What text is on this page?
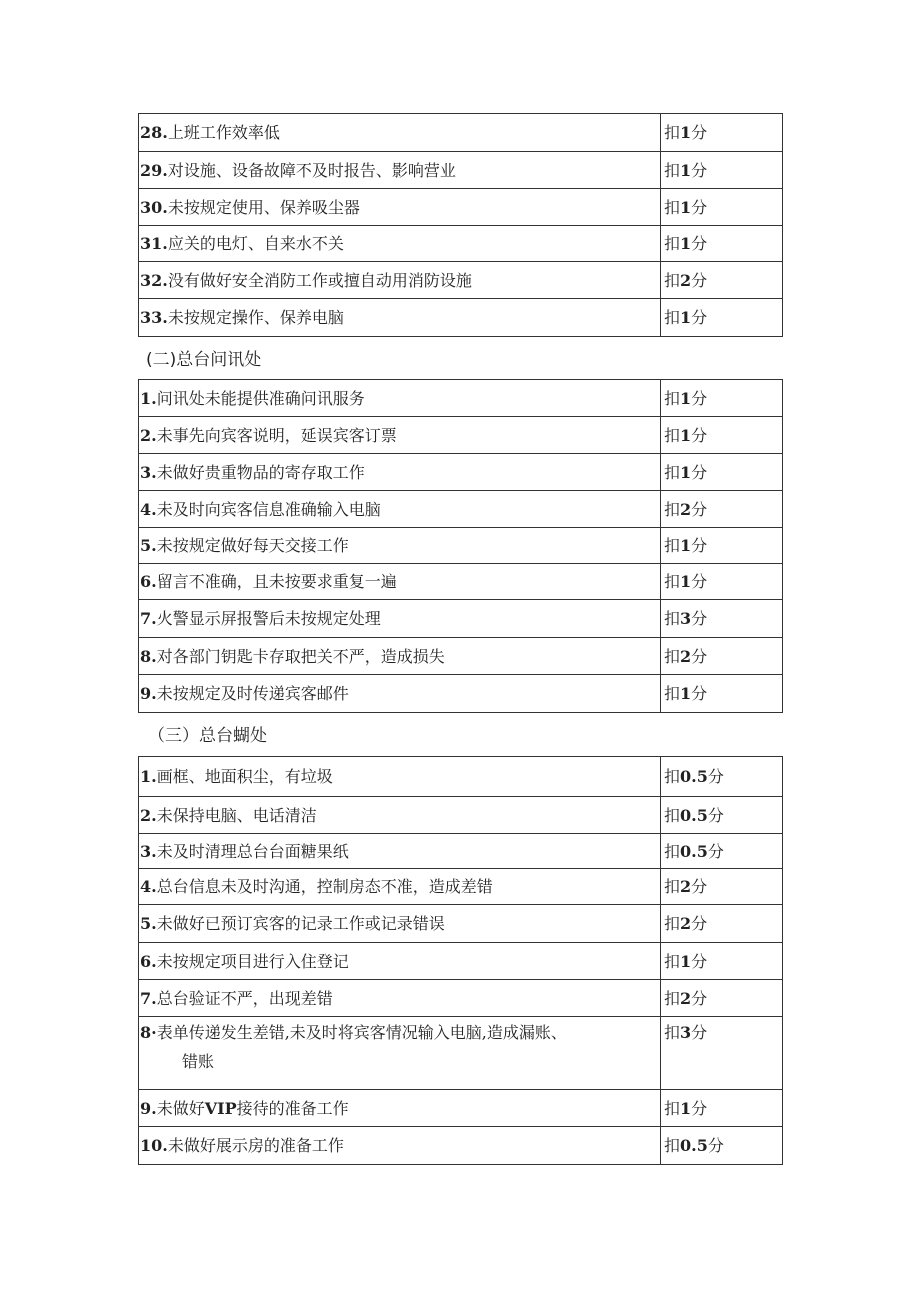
28.上班工作效率低	扣1分
29.对设施、设备故障不及时报告、影响营业	扣1分
30.未按规定使用、保养吸尘器	扣1分
31.应关的电灯、自来水不关	扣1分
32.没有做好安全消防工作或擅自动用消防设施	扣2分
33.未按规定操作、保养电脑	扣1分
(二)总台问讯处
1.问讯处未能提供准确问讯服务	扣1分
2.未事先向宾客说明，延误宾客订票	扣1分
3.未做好贵重物品的寄存取工作	扣1分
4.未及时向宾客信息准确输入电脑	扣2分
5.未按规定做好每天交接工作	扣1分
6.留言不准确，且未按要求重复一遍	扣1分
7.火警显示屏报警后未按规定处理	扣3分
8.对各部门钥匙卡存取把关不严，造成损失	扣2分
9.未按规定及时传递宾客邮件	扣1分
（三）总台蝴处
1.画框、地面积尘，有垃圾	扣0.5分
2.未保持电脑、电话清洁	扣0.5分
3.未及时清理总台台面糖果纸	扣0.5分
4.总台信息未及时沟通，控制房态不准，造成差错	扣2分
5.未做好已预订宾客的记录工作或记录错误	扣2分
6.未按规定项目进行入住登记	扣1分
7.总台验证不严，出现差错	扣2分
8·表单传递发生差错,未及时将宾客情况输入电脑,造成漏账、
错账	扣3分
9.未做好VIP接待的准备工作	扣1分
10.未做好展示房的准备工作	扣0.5分
